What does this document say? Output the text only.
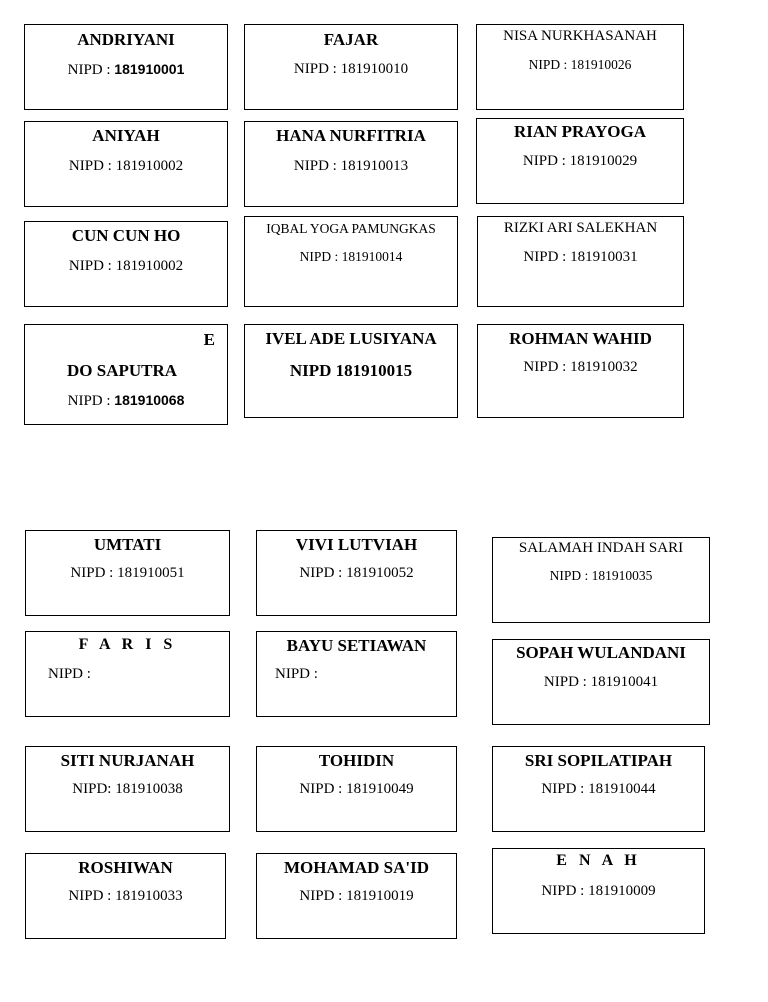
ANDRIYANI
NIPD : 181910001
FAJAR
NIPD : 181910010
NISA NURKHASANAH
NIPD : 181910026
ANIYAH
NIPD : 181910002
HANA NURFITRIA
NIPD : 181910013
RIAN PRAYOGA
NIPD : 181910029
CUN CUN HO
NIPD : 181910002
IQBAL YOGA PAMUNGKAS
NIPD : 181910014
RIZKI ARI SALEKHAN
NIPD : 181910031
E
DO SAPUTRA
NIPD : 181910068
IVEL ADE LUSIYANA
NIPD 181910015
ROHMAN WAHID
NIPD : 181910032
UMTATI
NIPD : 181910051
VIVI LUTVIAH
NIPD : 181910052
SALAMAH INDAH SARI
NIPD : 181910035
F A R I S
NIPD :
BAYU SETIAWAN
NIPD :
SOPAH WULANDANI
NIPD : 181910041
SITI NURJANAH
NIPD: 181910038
TOHIDIN
NIPD : 181910049
SRI SOPILATIPAH
NIPD : 181910044
ROSHIWAN
NIPD : 181910033
MOHAMAD SA'ID
NIPD : 181910019
E N A H
NIPD : 181910009
